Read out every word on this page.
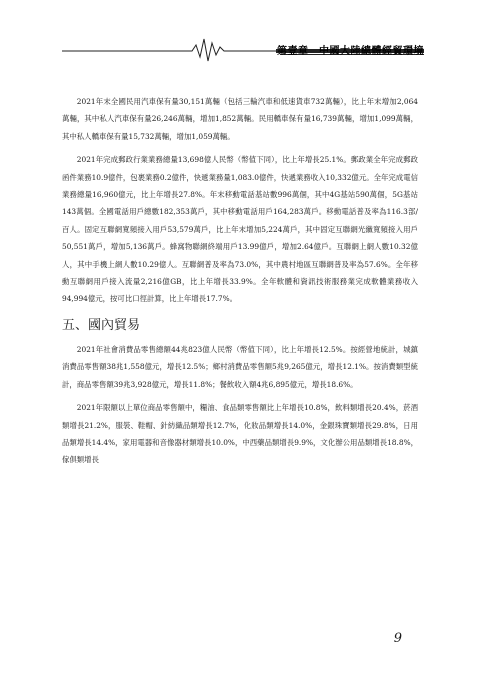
第壹章　中國大陸總體經貿環境

2021年末全國民用汽車保有量30,151萬輛（包括三輪汽車和低速貨車732萬輛），比上年末增加2,064萬輛，其中私人汽車保有量26,246萬輛，增加1,852萬輛。民用轎車保有量16,739萬輛，增加1,099萬輛，其中私人轎車保有量15,732萬輛，增加1,059萬輛。

2021年完成郵政行業業務總量13,698億人民幣（幣值下同），比上年增長25.1%。郵政業全年完成郵政函件業務10.9億件，包裹業務0.2億件，快遞業務量1,083.0億件，快遞業務收入10,332億元。全年完成電信業務總量16,960億元，比上年增長27.8%。年末移動電話基站數996萬個，其中4G基站590萬個，5G基站143萬個。全國電話用戶總數182,353萬戶，其中移動電話用戶164,283萬戶。移動電話普及率為116.3部/百人。固定互聯網寬頻接入用戶53,579萬戶，比上年末增加5,224萬戶，其中固定互聯網光纖寬頻接入用戶50,551萬戶，增加5,136萬戶。蜂窩物聯網終端用戶13.99億戶，增加2.64億戶。互聯網上網人數10.32億人，其中手機上網人數10.29億人。互聯網普及率為73.0%，其中農村地區互聯網普及率為57.6%。全年移動互聯網用戶接入流量2,216億GB，比上年增長33.9%。全年軟體和資訊技術服務業完成軟體業務收入94,994億元，按可比口徑計算，比上年增長17.7%。

五、國內貿易

2021年社會消費品零售總額44兆823億人民幣（幣值下同），比上年增長12.5%。按經營地統計，城鎮消費品零售額38兆1,558億元，增長12.5%；鄉村消費品零售額5兆9,265億元，增長12.1%。按消費類型統計，商品零售額39兆3,928億元，增長11.8%；餐飲收入額4兆6,895億元，增長18.6%。

2021年限額以上單位商品零售額中，糧油、食品類零售額比上年增長10.8%，飲料類增長20.4%，菸酒類增長21.2%，服裝、鞋帽、針紡織品類增長12.7%，化妝品類增長14.0%，金銀珠寶類增長29.8%，日用品類增長14.4%，家用電器和音像器材類增長10.0%，中西藥品類增長9.9%，文化辦公用品類增長18.8%，傢俱類增長

9
